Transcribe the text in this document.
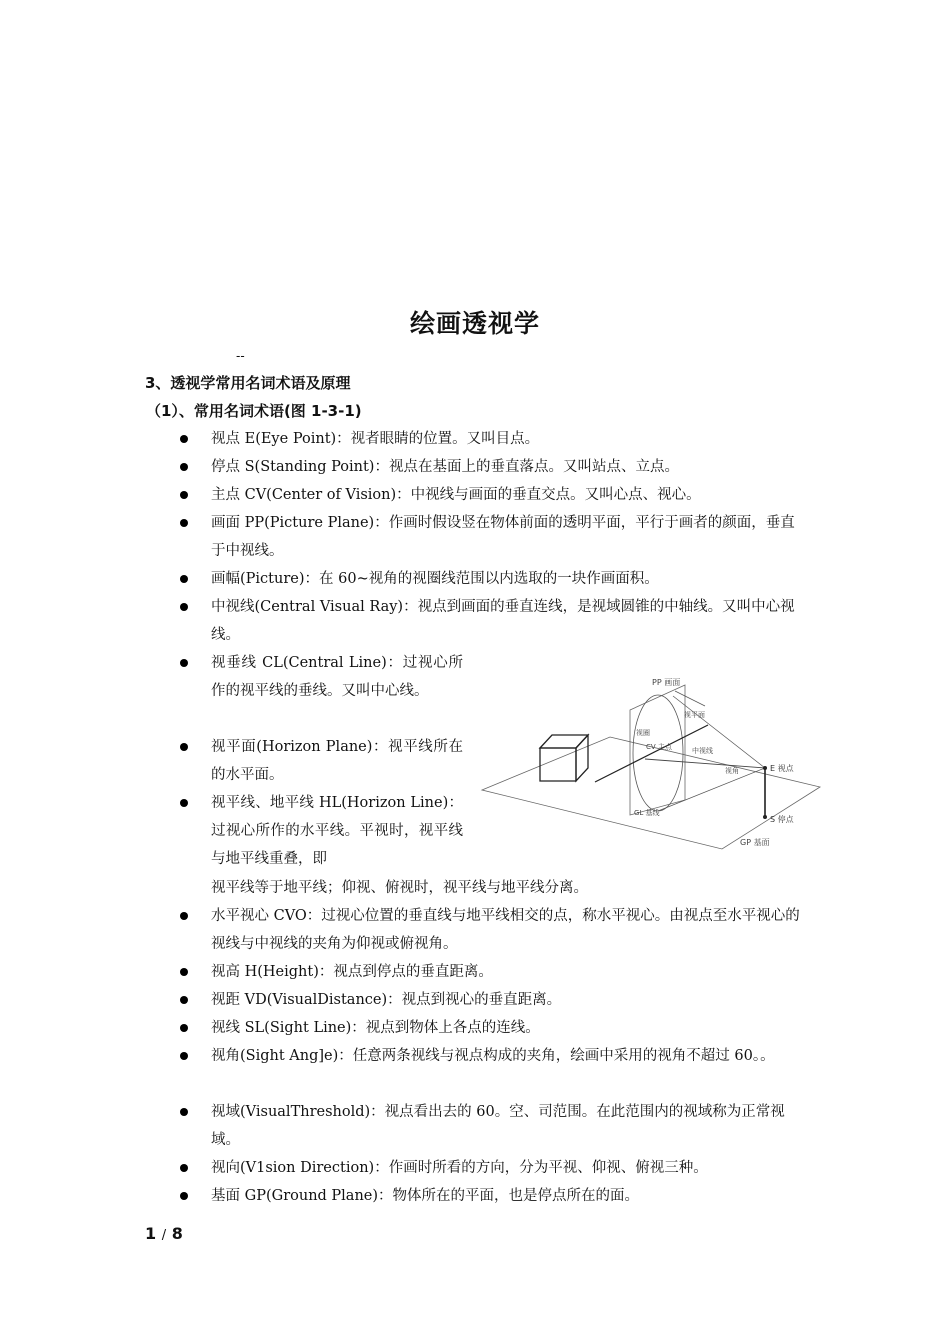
绘画透视学
--
3、透视学常用名词术语及原理
（1）、常用名词术语(图 1-3-1)
视点 E(Eye Point)：视者眼睛的位置。又叫目点。
停点 S(Standing Point)：视点在基面上的垂直落点。又叫站点、立点。
主点 CV(Center of Vision)：中视线与画面的垂直交点。又叫心点、视心。
画面 PP(Picture Plane)：作画时假设竖在物体前面的透明平面，平行于画者的颜面，垂直于中视线。
画幅(Picture)：在 60~视角的视圈线范围以内选取的一块作画面积。
中视线(Central Visual Ray)：视点到画面的垂直连线，是视域圆锥的中轴线。又叫中心视线。
视垂线 CL(Central Line)：过视心所作的视平线的垂线。又叫中心线。
视平面(Horizon Plane)：视平线所在的水平面。
视平线、地平线 HL(Horizon Line)：过视心所作的水平线。平视时，视平线与地平线重叠，即
视平线等于地平线；仰视、俯视时，视平线与地平线分离。
水平视心 CVO：过视心位置的垂直线与地平线相交的点，称水平视心。由视点至水平视心的视线与中视线的夹角为仰视或俯视角。
视高 H(Height)：视点到停点的垂直距离。
视距 VD(VisualDistance)：视点到视心的垂直距离。
视线 SL(Sight Line)：视点到物体上各点的连线。
视角(Sight Ang]e)：任意两条视线与视点构成的夹角，绘画中采用的视角不超过 60。。
视域(VisualThreshold)：视点看出去的 60。空、司范围。在此范围内的视域称为正常视域。
视向(V1sion Direction)：作画时所看的方向，分为平视、仰视、俯视三种。
基面 GP(Ground Plane)：物体所在的平面，也是停点所在的面。
PP 画面
视圈
视平面
CV 主点	中视线
视角	E 视点
S 停点
GL 基线
GP 基面
1 / 8
